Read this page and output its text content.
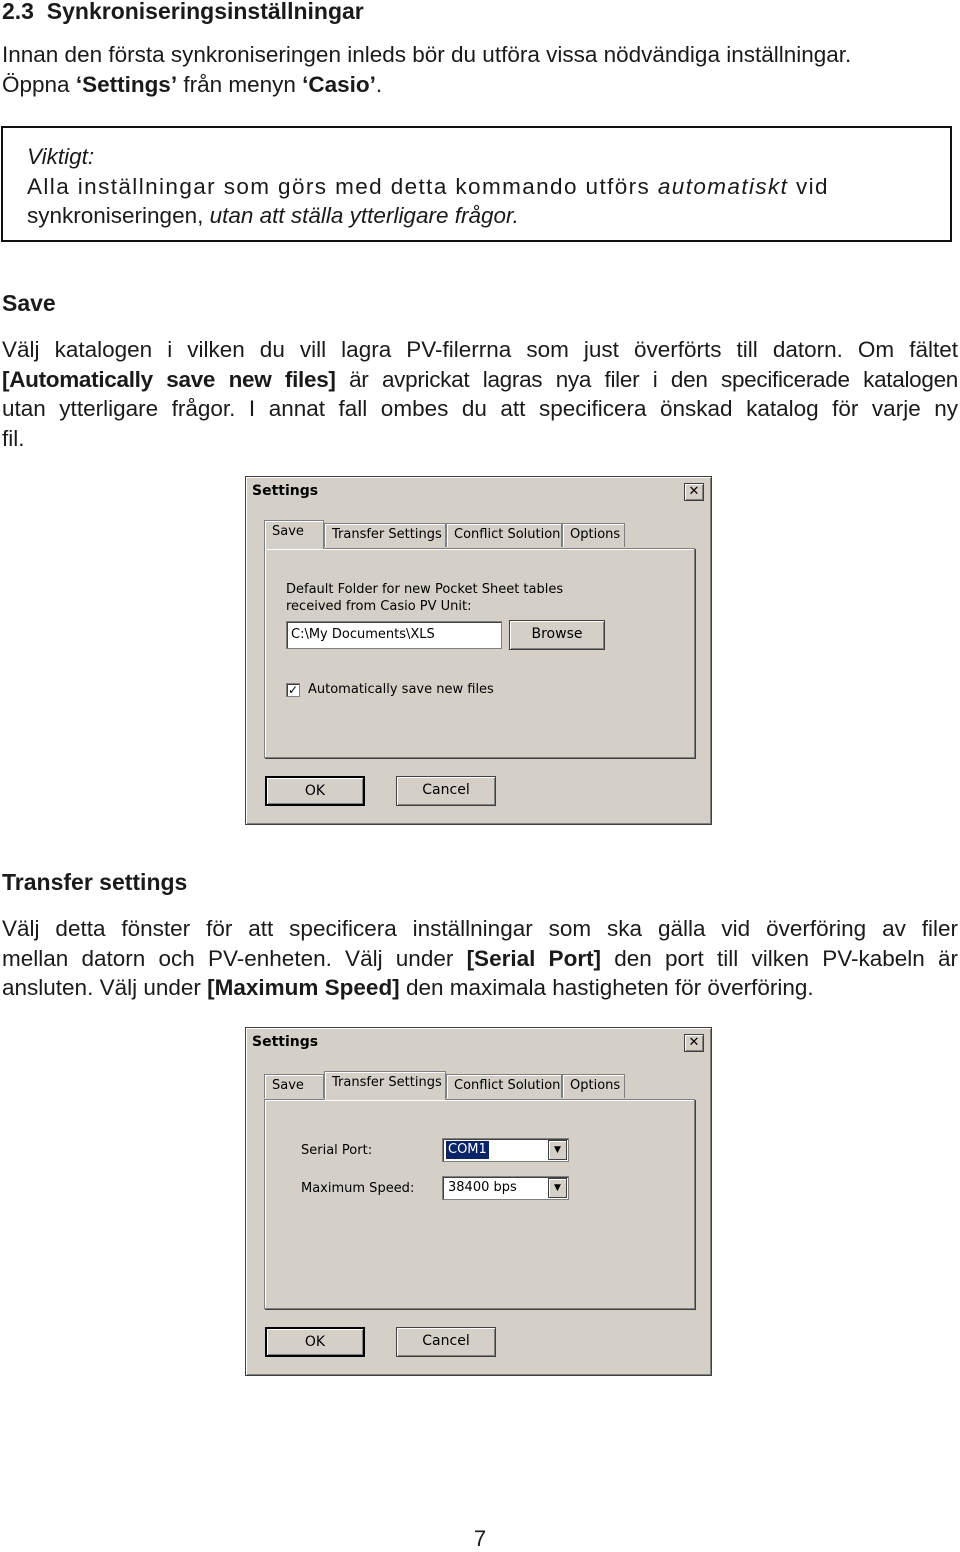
2.3 Synkroniseringsinställningar
Innan den första synkroniseringen inleds bör du utföra vissa nödvändiga inställningar.
Öppna ‘Settings’ från menyn ‘Casio’.
Viktigt:
Alla inställningar som görs med detta kommando utförs automatiskt vid
synkroniseringen, utan att ställa ytterligare frågor.
Save
Välj katalogen i vilken du vill lagra PV-filerrna som just överförts till datorn. Om fältet
[Automatically save new files] är avprickat lagras nya filer i den specificerade katalogen
utan ytterligare frågor. I annat fall ombes du att specificera önskad katalog för varje ny
fil.
Settings	✕
Save	Transfer Settings Conflict Solution Options
Default Folder for new Pocket Sheet tables
received from Casio PV Unit:
C:\My Documents\XLS	Browse
✓ Automatically save new files
OK	Cancel
Transfer settings
Välj detta fönster för att specificera inställningar som ska gälla vid överföring av filer
mellan datorn och PV-enheten. Välj under [Serial Port] den port till vilken PV-kabeln är
ansluten. Välj under [Maximum Speed] den maximala hastigheten för överföring.
Settings	✕
Save	Transfer Settings Conflict Solution Options
Serial Port:	COM1	▼
Maximum Speed:	38400 bps	▼
OK	Cancel
7
